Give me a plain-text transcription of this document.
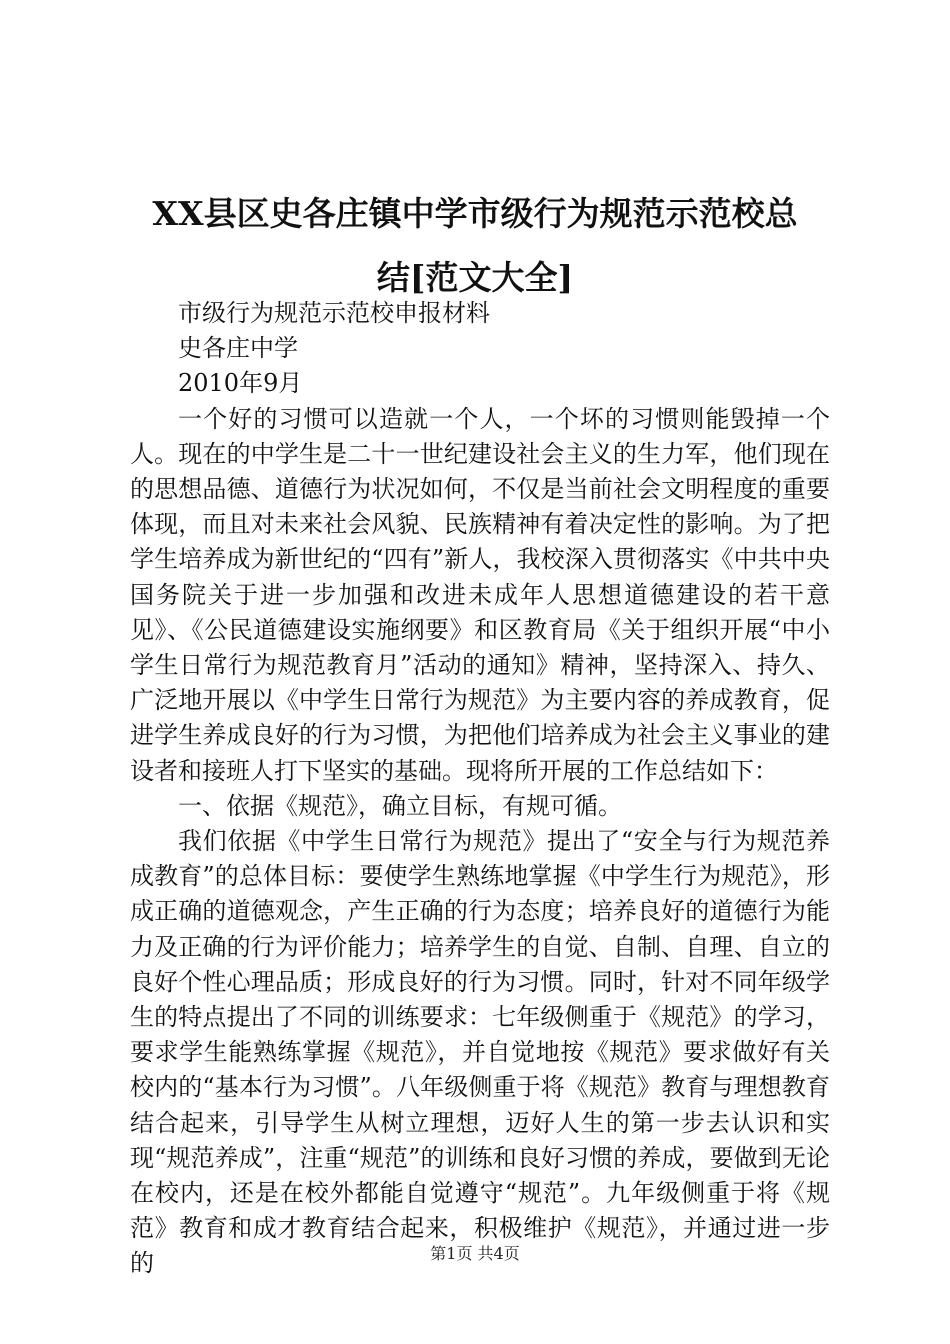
XX县区史各庄镇中学市级行为规范示范校总
结[范文大全]

市级行为规范示范校申报材料

史各庄中学

2010年9月

一个好的习惯可以造就一个人，一个坏的习惯则能毁掉一个人。现在的中学生是二十一世纪建设社会主义的生力军，他们现在的思想品德、道德行为状况如何，不仅是当前社会文明程度的重要体现，而且对未来社会风貌、民族精神有着决定性的影响。为了把学生培养成为新世纪的“四有”新人，我校深入贯彻落实《中共中央国务院关于进一步加强和改进未成年人思想道德建设的若干意见》、《公民道德建设实施纲要》和区教育局《关于组织开展“中小学生日常行为规范教育月”活动的通知》精神，坚持深入、持久、广泛地开展以《中学生日常行为规范》为主要内容的养成教育，促进学生养成良好的行为习惯，为把他们培养成为社会主义事业的建设者和接班人打下坚实的基础。现将所开展的工作总结如下：

一、依据《规范》，确立目标，有规可循。

我们依据《中学生日常行为规范》提出了“安全与行为规范养成教育”的总体目标：要使学生熟练地掌握《中学生行为规范》，形成正确的道德观念，产生正确的行为态度；培养良好的道德行为能力及正确的行为评价能力；培养学生的自觉、自制、自理、自立的良好个性心理品质；形成良好的行为习惯。同时，针对不同年级学生的特点提出了不同的训练要求：七年级侧重于《规范》的学习，要求学生能熟练掌握《规范》，并自觉地按《规范》要求做好有关校内的“基本行为习惯”。八年级侧重于将《规范》教育与理想教育结合起来，引导学生从树立理想，迈好人生的第一步去认识和实现“规范养成”，注重“规范”的训练和良好习惯的养成，要做到无论在校内，还是在校外都能自觉遵守“规范”。九年级侧重于将《规范》教育和成才教育结合起来，积极维护《规范》，并通过进一步的	第1页 共4页
